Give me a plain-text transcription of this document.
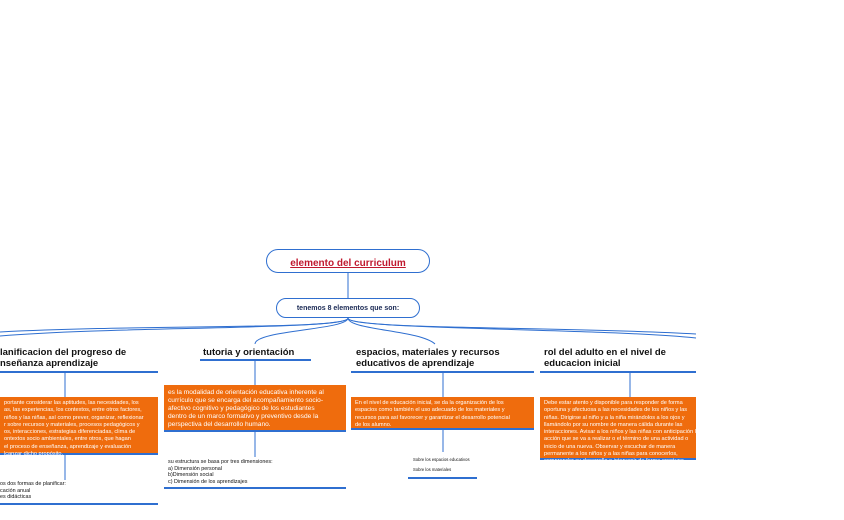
elemento del curriculum
tenemos 8 elementos que son:
lanificacion del progreso de
nseñanza aprendizaje
portante considerar las aptitudes, las necesidades, los
as, las experiencias, los contextos, entre otros factores,
niños y las niñas, así como prever, organizar, reflexionar
r sobre recursos y materiales, procesos pedagógicos y
os, interacciones, estrategias diferenciadas, clima de
ontextos socio ambientales, entre otros, que hagan
el proceso de enseñanza, aprendizaje y evaluación
lcanzar dicho propósito.
os dos formas de planificar:
cación anual
es didácticas
tutoria y orientación
es la modalidad de orientación educativa inherente al
currículo que se encarga del acompañamiento socio-
afectivo cognitivo y pedagógico de los estudiantes
dentro de un marco formativo y preventivo desde la
perspectiva del desarrollo humano.
su estructura se basa por tres dimensiones:
a) Dimensión personal
b)Dimensión social
c) Dimensión de los aprendizajes
espacios, materiales y recursos
educativos de aprendizaje
En el nivel de educación inicial, se da la organización de los
espacios como también el uso adecuado de los materiales y
recursos para así favorecer y garantizar el desarrollo potencial
de los alumno.
Sobre los espacios educativos
Sobre los materiales
rol del adulto en el nivel de
educacion inicial
Debe estar atento y disponible para responder de forma
oportuna y afectuosa a las necesidades de los niños y las
niñas. Dirigirse al niño y a la niña mirándolos a los ojos y
llamándolo por su nombre de manera cálida durante las
interacciones. Avisar a los niños y las niñas con anticipación la
acción que se va a realizar o el término de una actividad o
inicio de una nueva. Observar y escuchar de manera
permanente a los niños y a las niñas para conocerlos,
comprender su desarrollo e intervenir de forma oportuna.
